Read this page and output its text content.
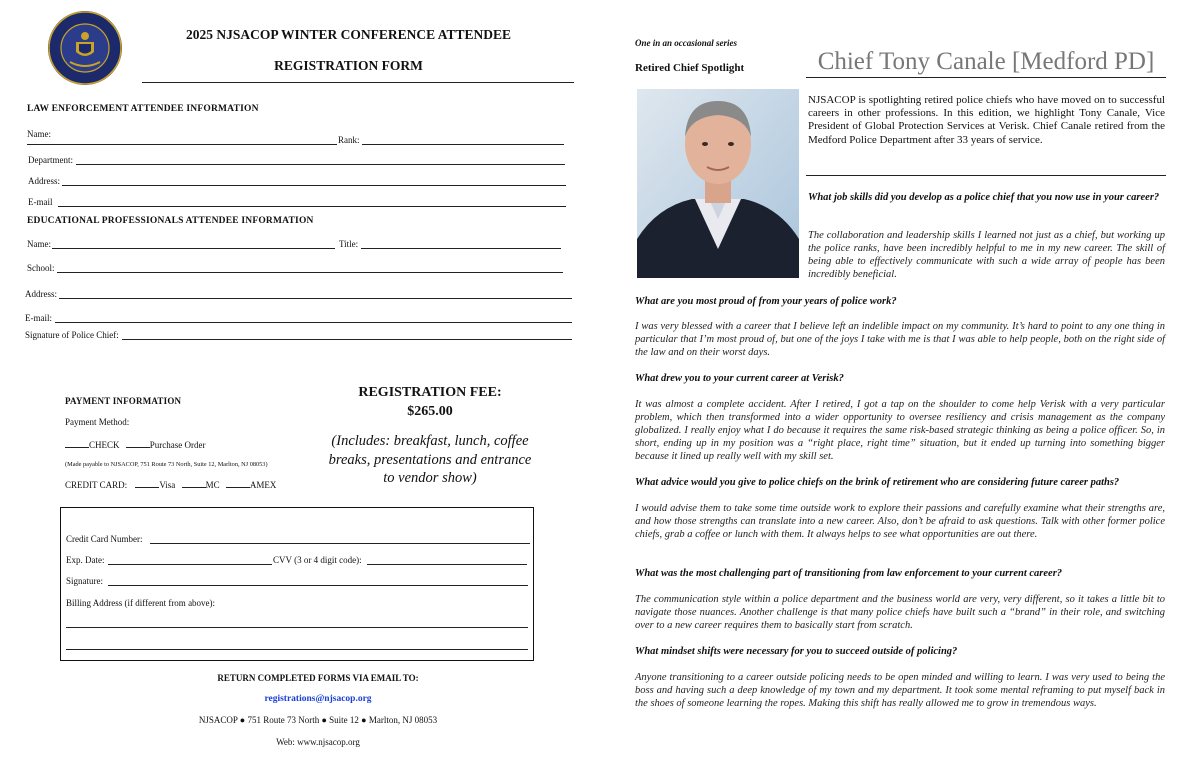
2025 NJSACOP WINTER CONFERENCE ATTENDEE
REGISTRATION FORM
LAW ENFORCEMENT ATTENDEE INFORMATION
Name:
Rank:
Department:
Address:
E-mail
EDUCATIONAL PROFESSIONALS ATTENDEE INFORMATION
Name:	Title:
School:
Address:
E-mail:
Signature of Police Chief:
PAYMENT INFORMATION
Payment Method:
CHECK	Purchase Order
(Made payable to NJSACOP, 751 Route 73 North, Suite 12, Marlton, NJ 08053)
CREDIT CARD:	Visa	MC	AMEX
REGISTRATION FEE:
$265.00
(Includes: breakfast, lunch, coffee breaks, presentations and entrance to vendor show)
Credit Card Number:
Exp. Date:	CVV (3 or 4 digit code):
Signature:
Billing Address (if different from above):
RETURN COMPLETED FORMS VIA EMAIL TO:
registrations@njsacop.org
NJSACOP ● 751 Route 73 North ● Suite 12 ● Marlton, NJ 08053
Web: www.njsacop.org
One in an occasional series
Retired Chief Spotlight	Chief Tony Canale [Medford PD]
NJSACOP is spotlighting retired police chiefs who have moved on to successful careers in other professions. In this edition, we highlight Tony Canale, Vice President of Global Protection Services at Verisk. Chief Canale retired from the Medford Police Department after 33 years of service.
What job skills did you develop as a police chief that you now use in your career?
The collaboration and leadership skills I learned not just as a chief, but working up the police ranks, have been incredibly helpful to me in my new career. The skill of being able to effectively communicate with such a wide array of people has been incredibly beneficial.
What are you most proud of from your years of police work?
I was very blessed with a career that I believe left an indelible impact on my community. It’s hard to point to any one thing in particular that I’m most proud of, but one of the joys I take with me is that I was able to help people, both on the right side of the law and on their worst days.
What drew you to your current career at Verisk?
It was almost a complete accident. After I retired, I got a tap on the shoulder to come help Verisk with a very particular problem, which then transformed into a wider opportunity to oversee resiliency and crisis management as the company globalized. I really enjoy what I do because it requires the same risk-based strategic thinking as being a police officer. So, in short, ending up in my position was a “right place, right time” situation, but it ended up turning into something bigger because it lined up really well with my skill set.
What advice would you give to police chiefs on the brink of retirement who are considering future career paths?
I would advise them to take some time outside work to explore their passions and carefully examine what their strengths are, and how those strengths can translate into a new career. Also, don’t be afraid to ask questions. Talk with other former police chiefs, grab a coffee or lunch with them. It always helps to see what opportunities are out there.
What was the most challenging part of transitioning from law enforcement to your current career?
The communication style within a police department and the business world are very, very different, so it takes a little bit to navigate those nuances. Another challenge is that many police chiefs have built such a “brand” in their role, and switching over to a new career requires them to basically start from scratch.
What mindset shifts were necessary for you to succeed outside of policing?
Anyone transitioning to a career outside policing needs to be open minded and willing to learn. I was very used to being the boss and having such a deep knowledge of my town and my department. It took some mental reframing to put myself back in the shoes of someone learning the ropes. Making this shift has really allowed me to grow in tremendous ways.
